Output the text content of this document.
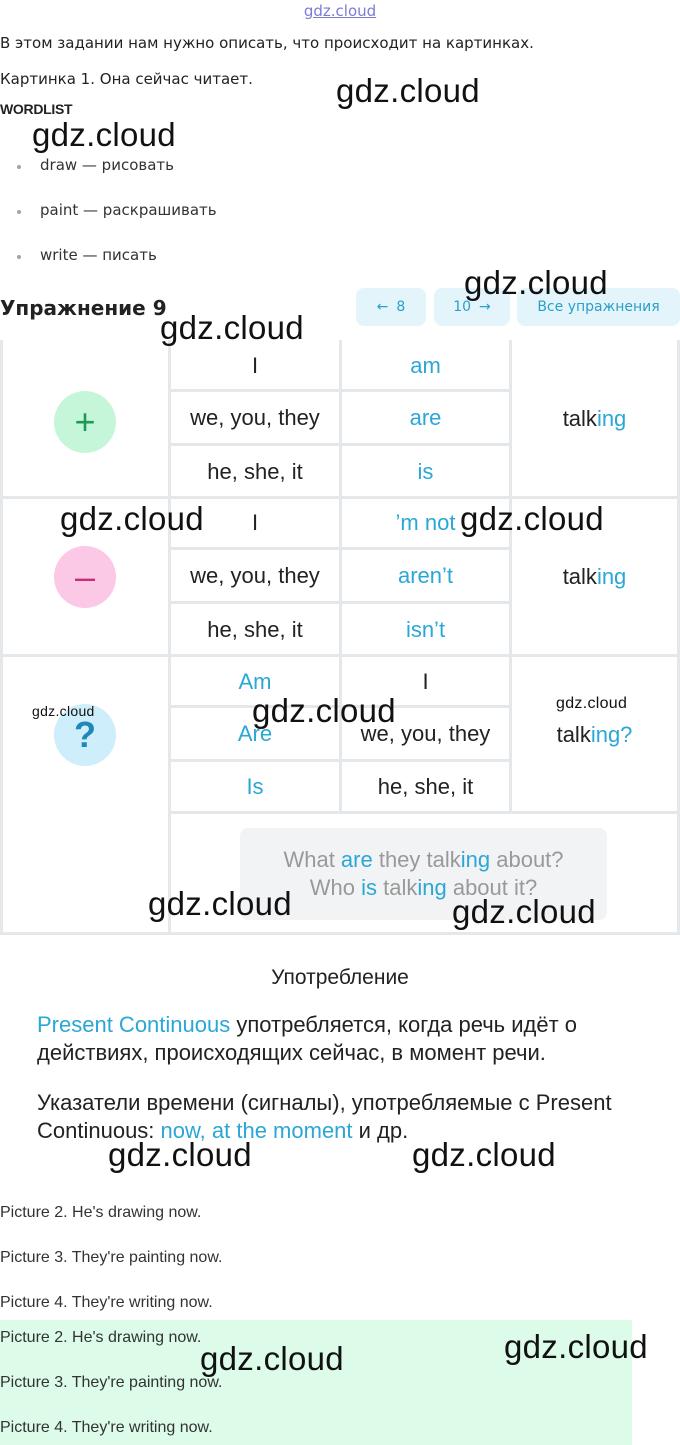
gdz.cloud
В этом задании нам нужно описать, что происходит на картинках.
Картинка 1. Она сейчас читает.
WORDLIST
draw — рисовать
paint — раскрашивать
write — писать
Упражнение 9	← 8	10 →	Все упражнения
+
I	am
we, you, they	are
he, she, it	is
talk ing
–
I	’m not
we, you, they	aren’t
he, she, it	isn’t
talk ing
?
Am	I
Are	we, you, they
Is	he, she, it
talk ing?
What are they talking about?
Who is talking about it?
Употребление
Present Continuous употребляется, когда речь идёт о действиях, происходящих сейчас, в момент речи.
Указатели времени (сигналы), употребляемые с Present Continuous: now, at the moment и др.
Picture 2. He's drawing now.
Picture 3. They're painting now.
Picture 4. They're writing now.
Picture 2. He's drawing now.
Picture 3. They're painting now.
Picture 4. They're writing now.
gdz.cloud
gdz.cloud
gdz.cloud
gdz.cloud
gdz.cloud	gdz.cloud
gdz.cloud	gdz.cloud
gdz.cloud
gdz.cloud	gdz.cloud
gdz.cloud	gdz.cloud
gdz.cloud	gdz.cloud
